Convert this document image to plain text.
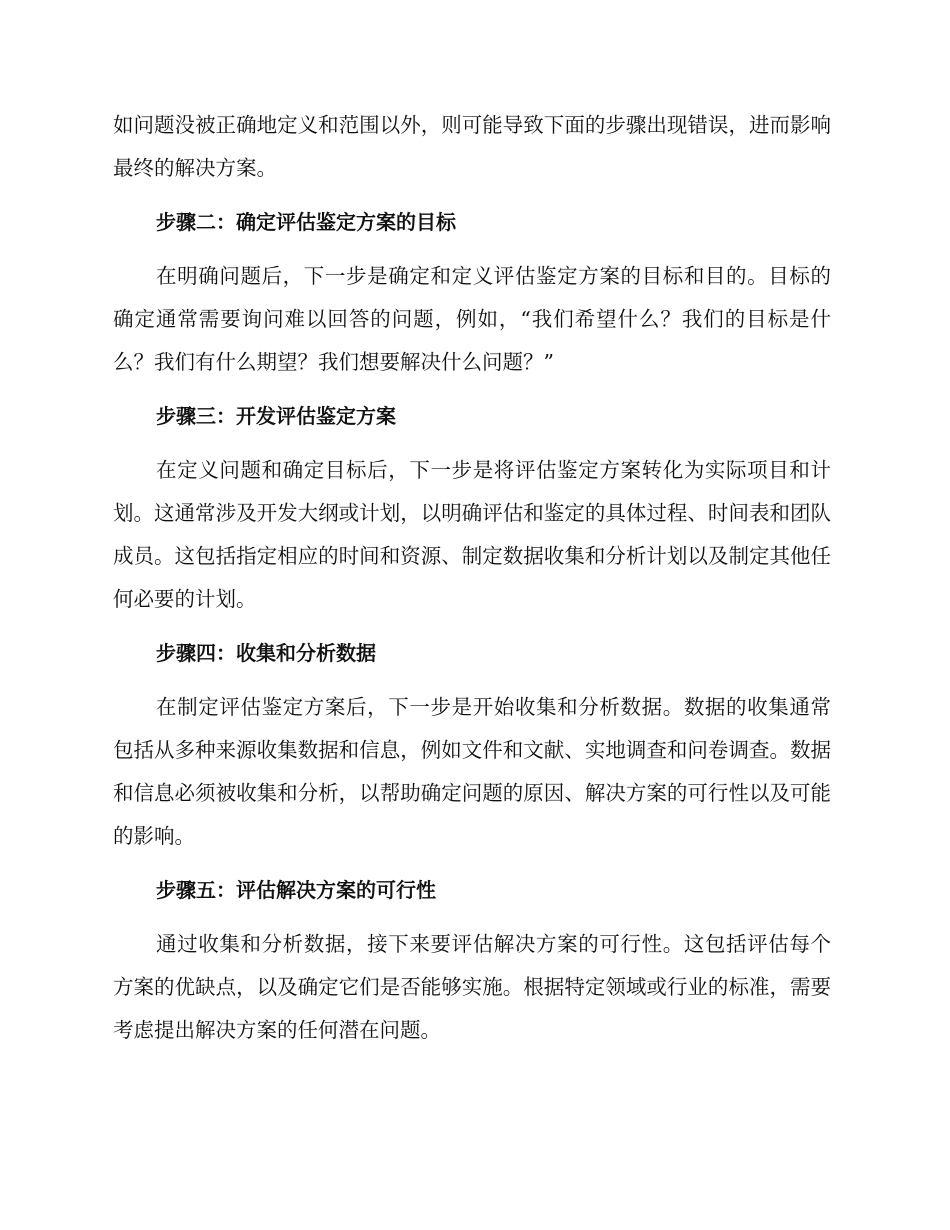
如问题没被正确地定义和范围以外，则可能导致下面的步骤出现错误，进而影响最终的解决方案。

步骤二：确定评估鉴定方案的目标

在明确问题后，下一步是确定和定义评估鉴定方案的目标和目的。目标的确定通常需要询问难以回答的问题，例如，“我们希望什么？我们的目标是什么？我们有什么期望？我们想要解决什么问题？”

步骤三：开发评估鉴定方案

在定义问题和确定目标后，下一步是将评估鉴定方案转化为实际项目和计划。这通常涉及开发大纲或计划，以明确评估和鉴定的具体过程、时间表和团队成员。这包括指定相应的时间和资源、制定数据收集和分析计划以及制定其他任何必要的计划。

步骤四：收集和分析数据

在制定评估鉴定方案后，下一步是开始收集和分析数据。数据的收集通常包括从多种来源收集数据和信息，例如文件和文献、实地调查和问卷调查。数据和信息必须被收集和分析，以帮助确定问题的原因、解决方案的可行性以及可能的影响。

步骤五：评估解决方案的可行性

通过收集和分析数据，接下来要评估解决方案的可行性。这包括评估每个方案的优缺点，以及确定它们是否能够实施。根据特定领域或行业的标准，需要考虑提出解决方案的任何潜在问题。
